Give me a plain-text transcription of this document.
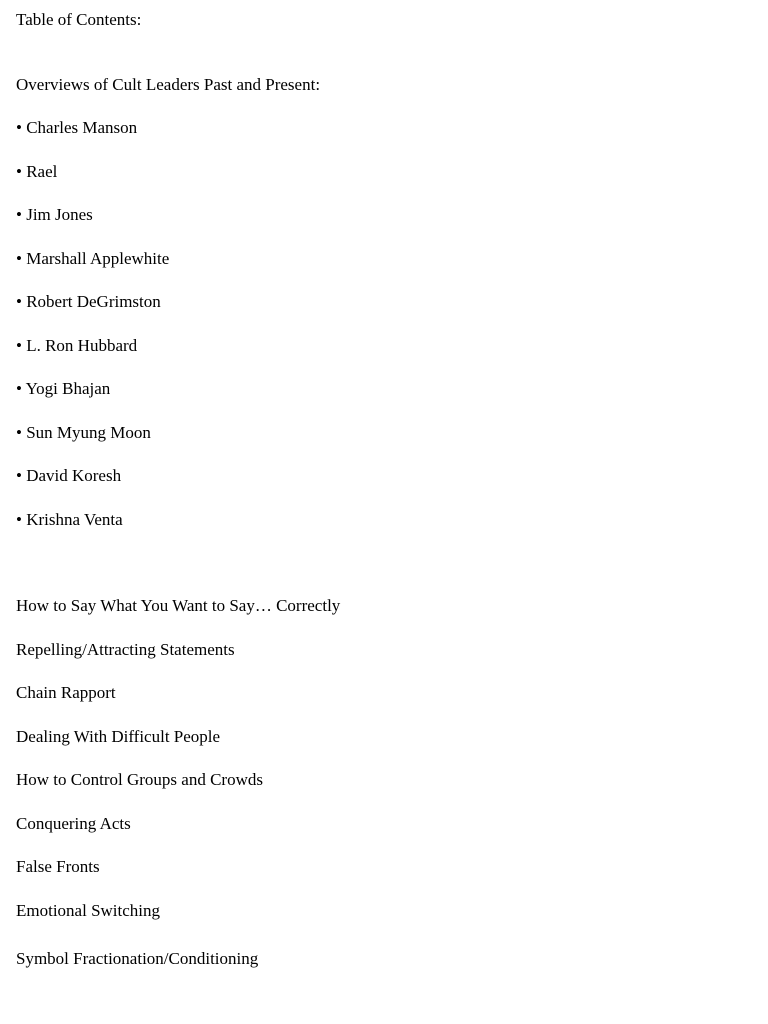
Table of Contents:
Overviews of Cult Leaders Past and Present:
• Charles Manson
• Rael
• Jim Jones
• Marshall Applewhite
• Robert DeGrimston
• L. Ron Hubbard
• Yogi Bhajan
• Sun Myung Moon
• David Koresh
• Krishna Venta
How to Say What You Want to Say… Correctly
Repelling/Attracting Statements
Chain Rapport
Dealing With Difficult People
How to Control Groups and Crowds
Conquering Acts
False Fronts
Emotional Switching
Symbol Fractionation/Conditioning
